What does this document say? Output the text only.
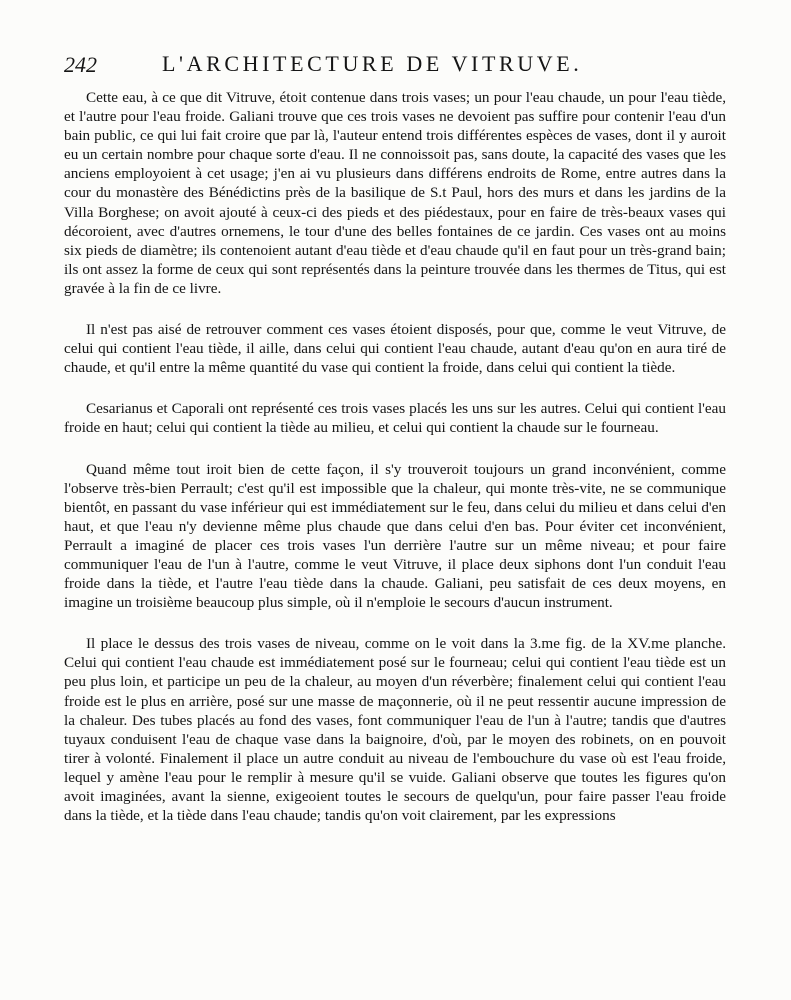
242	L'ARCHITECTURE DE VITRUVE.

Cette eau, à ce que dit Vitruve, étoit contenue dans trois vases; un pour l'eau chaude, un pour l'eau tiède, et l'autre pour l'eau froide. Galiani trouve que ces trois vases ne devoient pas suffire pour contenir l'eau d'un bain public, ce qui lui fait croire que par là, l'auteur entend trois différentes espèces de vases, dont il y auroit eu un certain nombre pour chaque sorte d'eau. Il ne connoissoit pas, sans doute, la capacité des vases que les anciens employoient à cet usage; j'en ai vu plusieurs dans différens endroits de Rome, entre autres dans la cour du monastère des Bénédictins près de la basilique de S.t Paul, hors des murs et dans les jardins de la Villa Borghese; on avoit ajouté à ceux-ci des pieds et des piédestaux, pour en faire de très-beaux vases qui décoroient, avec d'autres ornemens, le tour d'une des belles fontaines de ce jardin. Ces vases ont au moins six pieds de diamètre; ils contenoient autant d'eau tiède et d'eau chaude qu'il en faut pour un très-grand bain; ils ont assez la forme de ceux qui sont représentés dans la peinture trouvée dans les thermes de Titus, qui est gravée à la fin de ce livre.

Il n'est pas aisé de retrouver comment ces vases étoient disposés, pour que, comme le veut Vitruve, de celui qui contient l'eau tiède, il aille, dans celui qui contient l'eau chaude, autant d'eau qu'on en aura tiré de chaude, et qu'il entre la même quantité du vase qui contient la froide, dans celui qui contient la tiède.

Cesarianus et Caporali ont représenté ces trois vases placés les uns sur les autres. Celui qui contient l'eau froide en haut; celui qui contient la tiède au milieu, et celui qui contient la chaude sur le fourneau.

Quand même tout iroit bien de cette façon, il s'y trouveroit toujours un grand inconvénient, comme l'observe très-bien Perrault; c'est qu'il est impossible que la chaleur, qui monte très-vite, ne se communique bientôt, en passant du vase inférieur qui est immédiatement sur le feu, dans celui du milieu et dans celui d'en haut, et que l'eau n'y devienne même plus chaude que dans celui d'en bas. Pour éviter cet inconvénient, Perrault a imaginé de placer ces trois vases l'un derrière l'autre sur un même niveau; et pour faire communiquer l'eau de l'un à l'autre, comme le veut Vitruve, il place deux siphons dont l'un conduit l'eau froide dans la tiède, et l'autre l'eau tiède dans la chaude. Galiani, peu satisfait de ces deux moyens, en imagine un troisième beaucoup plus simple, où il n'emploie le secours d'aucun instrument.

Il place le dessus des trois vases de niveau, comme on le voit dans la 3.me fig. de la XV.me planche. Celui qui contient l'eau chaude est immédiatement posé sur le fourneau; celui qui contient l'eau tiède est un peu plus loin, et participe un peu de la chaleur, au moyen d'un réverbère; finalement celui qui contient l'eau froide est le plus en arrière, posé sur une masse de maçonnerie, où il ne peut ressentir aucune impression de la chaleur. Des tubes placés au fond des vases, font communiquer l'eau de l'un à l'autre; tandis que d'autres tuyaux conduisent l'eau de chaque vase dans la baignoire, d'où, par le moyen des robinets, on en pouvoit tirer à volonté. Finalement il place un autre conduit au niveau de l'embouchure du vase où est l'eau froide, lequel y amène l'eau pour le remplir à mesure qu'il se vuide. Galiani observe que toutes les figures qu'on avoit imaginées, avant la sienne, exigeoient toutes le secours de quelqu'un, pour faire passer l'eau froide dans la tiède, et la tiède dans l'eau chaude; tandis qu'on voit clairement, par les expressions
